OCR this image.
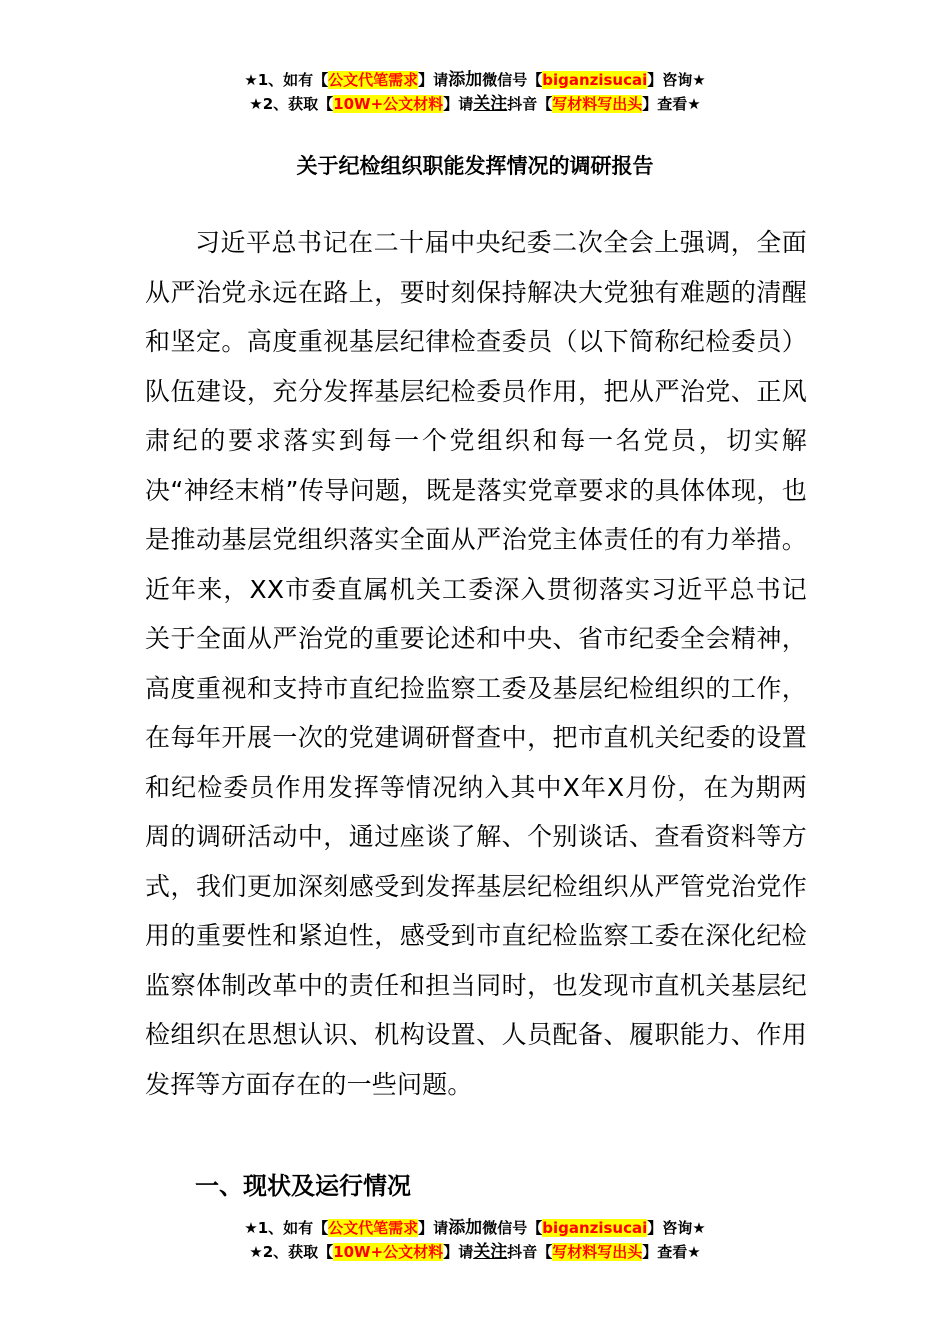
★1、如有【公文代笔需求】请添加微信号【biganzisucai】咨询★
★2、获取【10W+公文材料】请关注抖音【写材料写出头】查看★
关于纪检组织职能发挥情况的调研报告

习近平总书记在二十届中央纪委二次全会上强调，全面从严治党永远在路上，要时刻保持解决大党独有难题的清醒和坚定。高度重视基层纪律检查委员（以下简称纪检委员）队伍建设，充分发挥基层纪检委员作用，把从严治党、正风肃纪的要求落实到每一个党组织和每一名党员，切实解决“神经末梢”传导问题，既是落实党章要求的具体体现，也是推动基层党组织落实全面从严治党主体责任的有力举措。近年来，XX市委直属机关工委深入贯彻落实习近平总书记关于全面从严治党的重要论述和中央、省市纪委全会精神，高度重视和支持市直纪捡监察工委及基层纪检组织的工作，在每年开展一次的党建调研督查中，把市直机关纪委的设置和纪检委员作用发挥等情况纳入其中X年X月份，在为期两周的调研活动中，通过座谈了解、个别谈话、查看资料等方式，我们更加深刻感受到发挥基层纪检组织从严管党治党作用的重要性和紧迫性，感受到市直纪检监察工委在深化纪检监察体制改革中的责任和担当同时，也发现市直机关基层纪检组织在思想认识、机构设置、人员配备、履职能力、作用发挥等方面存在的一些问题。

一、现状及运行情况
★1、如有【公文代笔需求】请添加微信号【biganzisucai】咨询★
★2、获取【10W+公文材料】请关注抖音【写材料写出头】查看★
